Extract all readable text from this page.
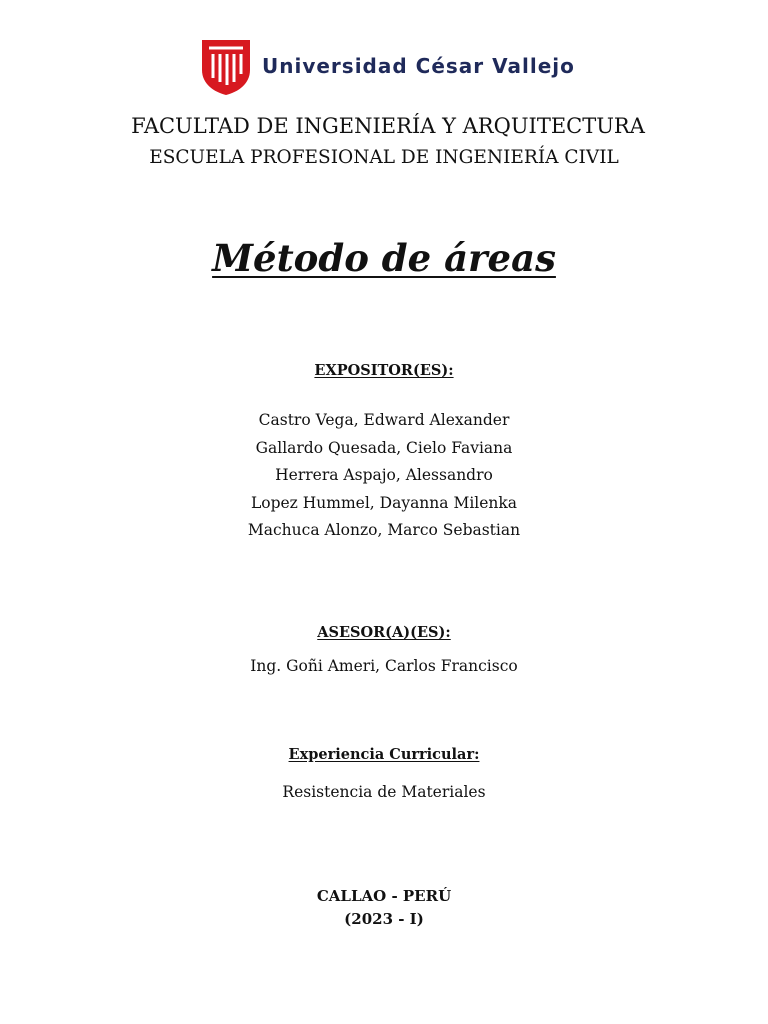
Universidad César Vallejo
FACULTAD DE INGENIERÍA Y ARQUITECTURA
ESCUELA PROFESIONAL DE INGENIERÍA CIVIL
Método de áreas
EXPOSITOR(ES):
Castro Vega, Edward Alexander
Gallardo Quesada, Cielo Faviana
Herrera Aspajo, Alessandro
Lopez Hummel, Dayanna Milenka
Machuca Alonzo, Marco Sebastian
ASESOR(A)(ES):
Ing. Goñi Ameri, Carlos Francisco
Experiencia Curricular:
Resistencia de Materiales
CALLAO - PERÚ
(2023 - I)
